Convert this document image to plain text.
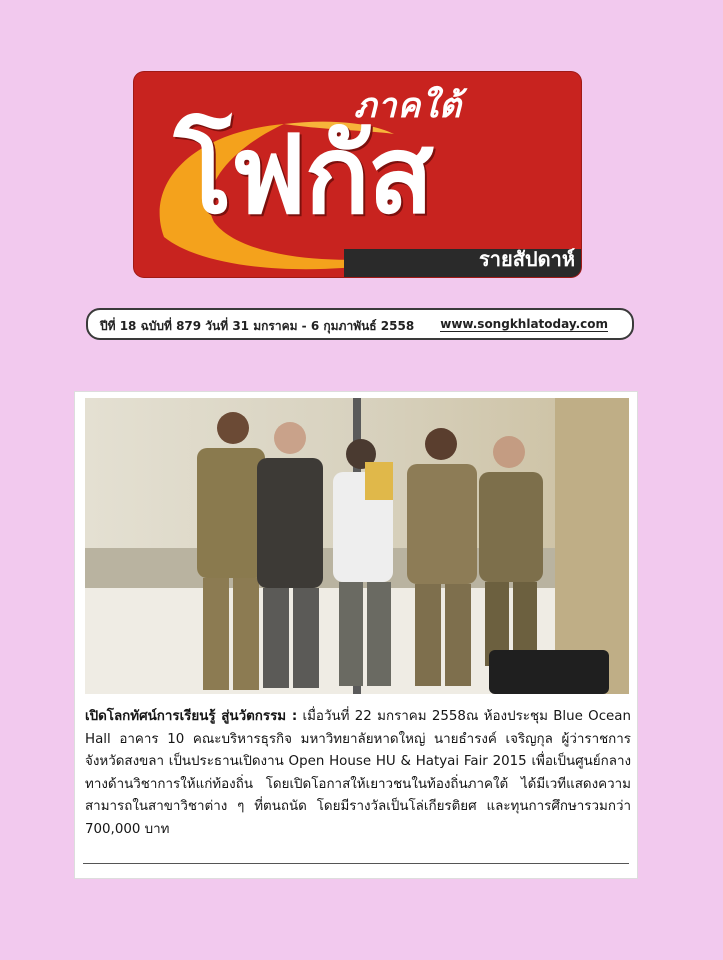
ภาคใต้
โฟกัส
รายสัปดาห์
ปีที่ 18 ฉบับที่ 879 วันที่ 31 มกราคม - 6 กุมภาพันธ์ 2558 www.songkhlatoday.com
เปิดโลกทัศน์การเรียนรู้ สู่นวัตกรรม : เมื่อวันที่ 22 มกราคม 2558ณ ห้องประชุม Blue Ocean Hall อาคาร 10 คณะบริหารธุรกิจ มหาวิทยาลัยหาดใหญ่ นายธำรงค์ เจริญกุล ผู้ว่าราชการจังหวัดสงขลา เป็นประธานเปิดงาน Open House HU & Hatyai Fair 2015 เพื่อเป็นศูนย์กลางทางด้านวิชาการให้แก่ท้องถิ่น โดยเปิดโอกาสให้เยาวชนในท้องถิ่นภาคใต้ ได้มีเวทีแสดงความสามารถในสาขาวิชาต่าง ๆ ที่ตนถนัด โดยมีรางวัลเป็นโล่เกียรติยศ และทุนการศึกษารวมกว่า 700,000 บาท
